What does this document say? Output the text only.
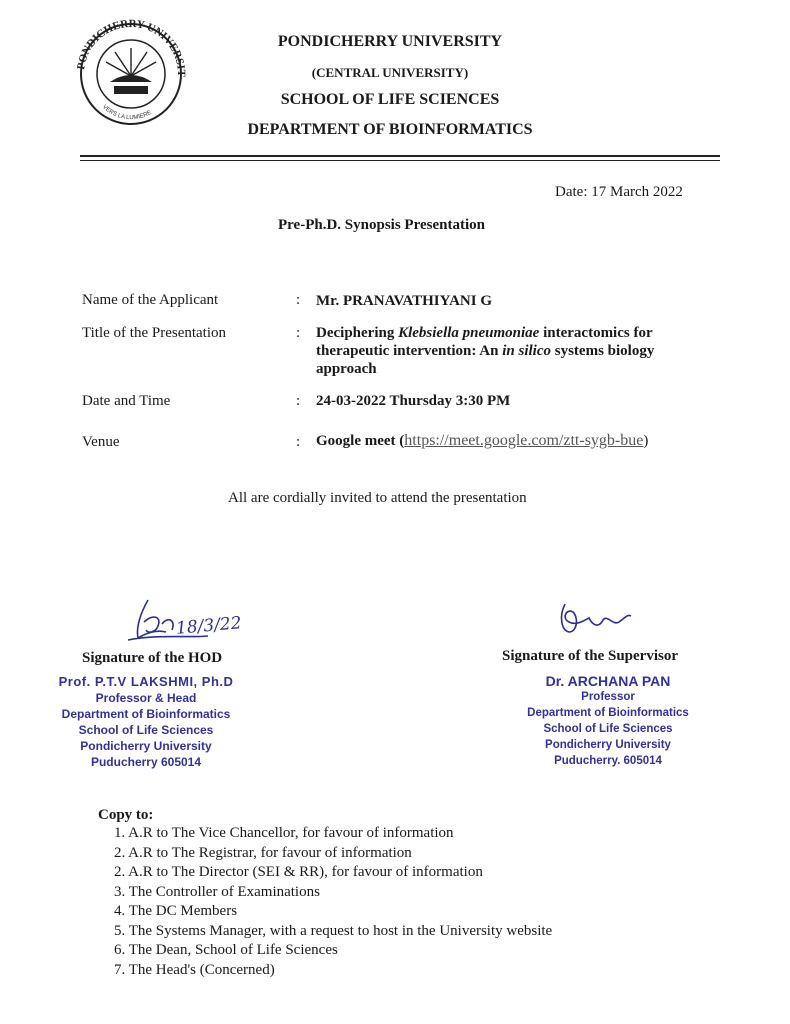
PONDICHERRY UNIVERSIT
VERS LA LUMIERE
PONDICHERRY UNIVERSITY
(CENTRAL UNIVERSITY)
SCHOOL OF LIFE SCIENCES
DEPARTMENT OF BIOINFORMATICS
Date: 17 March 2022
Pre-Ph.D. Synopsis Presentation
Name of the Applicant	: Mr. PRANAVATHIYANI G
Title of the Presentation	: Deciphering Klebsiella pneumoniae interactomics for therapeutic intervention: An in silico systems biology approach
Date and Time	: 24-03-2022 Thursday 3:30 PM
Venue	: Google meet (https://meet.google.com/ztt-sygb-bue)
All are cordially invited to attend the presentation
18/3/22
Signature of the HOD
Prof. P.T.V LAKSHMI, Ph.D
Professor & Head
Department of Bioinformatics
School of Life Sciences
Pondicherry University
Puducherry 605014
Signature of the Supervisor
Dr. ARCHANA PAN
Professor
Department of Bioinformatics
School of Life Sciences
Pondicherry University
Puducherry. 605014
Copy to:
1. A.R to The Vice Chancellor, for favour of information
2. A.R to The Registrar, for favour of information
2. A.R to The Director (SEI & RR), for favour of information
3. The Controller of Examinations
4. The DC Members
5. The Systems Manager, with a request to host in the University website
6. The Dean, School of Life Sciences
7. The Head's (Concerned)
